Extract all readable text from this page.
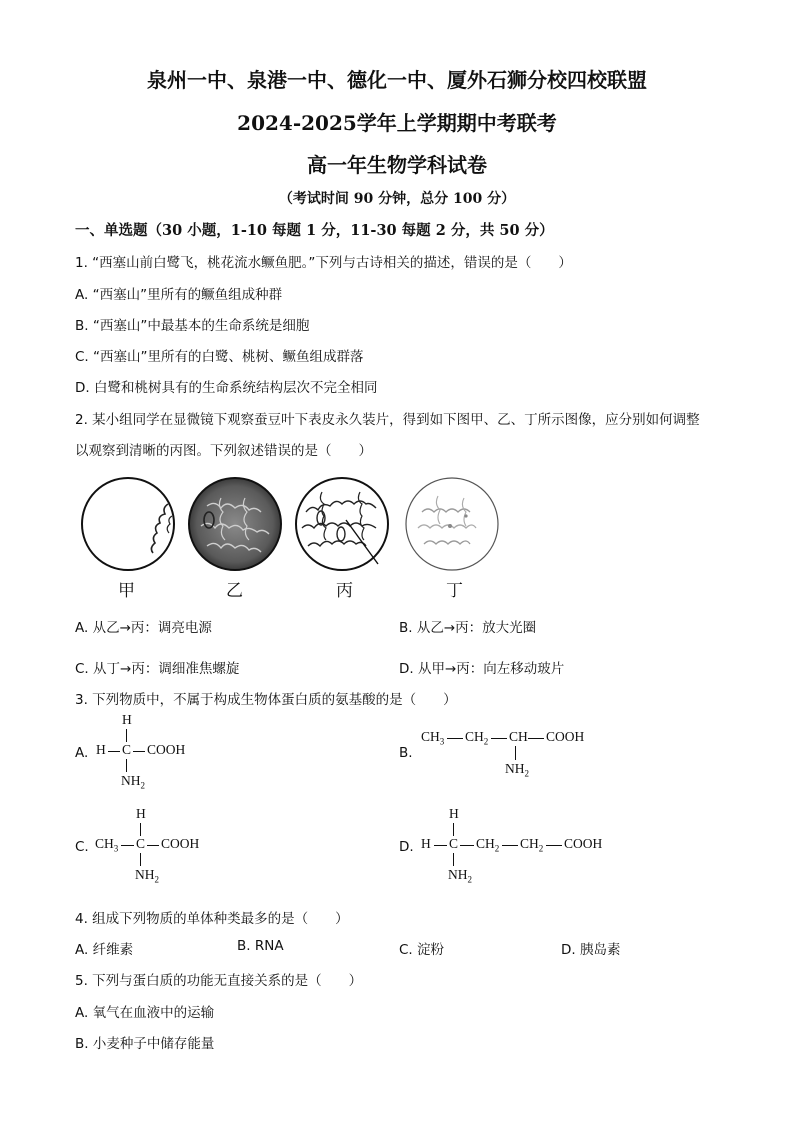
泉州一中、泉港一中、德化一中、厦外石狮分校四校联盟
2024-2025学年上学期期中考联考
高一年生物学科试卷
（考试时间 90 分钟，总分 100 分）
一、单选题（30 小题，1-10 每题 1 分，11-30 每题 2 分，共 50 分）
1. “西塞山前白鹭飞，桃花流水鳜鱼肥。”下列与古诗相关的描述，错误的是（　　）
A. “西塞山”里所有的鳜鱼组成种群
B. “西塞山”中最基本的生命系统是细胞
C. “西塞山”里所有的白鹭、桃树、鳜鱼组成群落
D. 白鹭和桃树具有的生命系统结构层次不完全相同
2. 某小组同学在显微镜下观察蚕豆叶下表皮永久装片，得到如下图甲、乙、丁所示图像，应分别如何调整
以观察到清晰的丙图。下列叙述错误的是（　　）
甲	乙	丙	丁
A. 从乙→丙：调亮电源	B. 从乙→丙：放大光圈
C. 从丁→丙：调细准焦螺旋	D. 从甲→丙：向左移动玻片
3. 下列物质中，不属于构成生物体蛋白质的氨基酸的是（　　）
A.
H
H C COOH
$NH_2$
B.
$CH_3$ $CH_2$ CH COOH
$NH_2$
C.
H
$CH_3$ C COOH
$NH_2$
D.
H
H C $CH_2$ $CH_2$ COOH
$NH_2$
4. 组成下列物质的单体种类最多的是（　　）
A. 纤维素	B. RNA	C. 淀粉	D. 胰岛素
5. 下列与蛋白质的功能无直接关系的是（　　）
A. 氧气在血液中的运输
B. 小麦种子中储存能量
